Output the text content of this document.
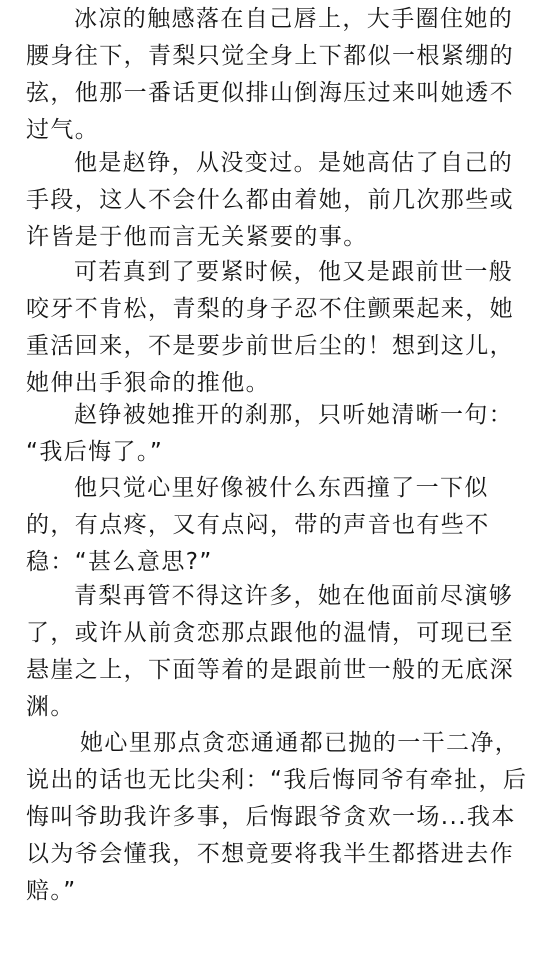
冰凉的触感落在自己唇上，大手圈住她的

腰身往下，青梨只觉全身上下都似一根紧绷的

弦，他那一番话更似排山倒海压过来叫她透不

过气。

他是赵铮，从没变过。是她高估了自己的

手段，这人不会什么都由着她，前几次那些或

许皆是于他而言无关紧要的事。

可若真到了要紧时候，他又是跟前世一般

咬牙不肯松，青梨的身子忍不住颤栗起来，她

重活回来，不是要步前世后尘的！想到这儿，

她伸出手狠命的推他。

赵铮被她推开的刹那，只听她清晰一句：

“我后悔了。”

他只觉心里好像被什么东西撞了一下似

的，有点疼，又有点闷，带的声音也有些不

稳：“甚么意思?”

青梨再管不得这许多，她在他面前尽演够

了，或许从前贪恋那点跟他的温情，可现已至

悬崖之上，下面等着的是跟前世一般的无底深

渊。

她心里那点贪恋通通都已抛的一干二净，

说出的话也无比尖利：“我后悔同爷有牵扯，后

悔叫爷助我许多事，后悔跟爷贪欢一场...我本

以为爷会懂我，不想竟要将我半生都搭进去作

赔。”
